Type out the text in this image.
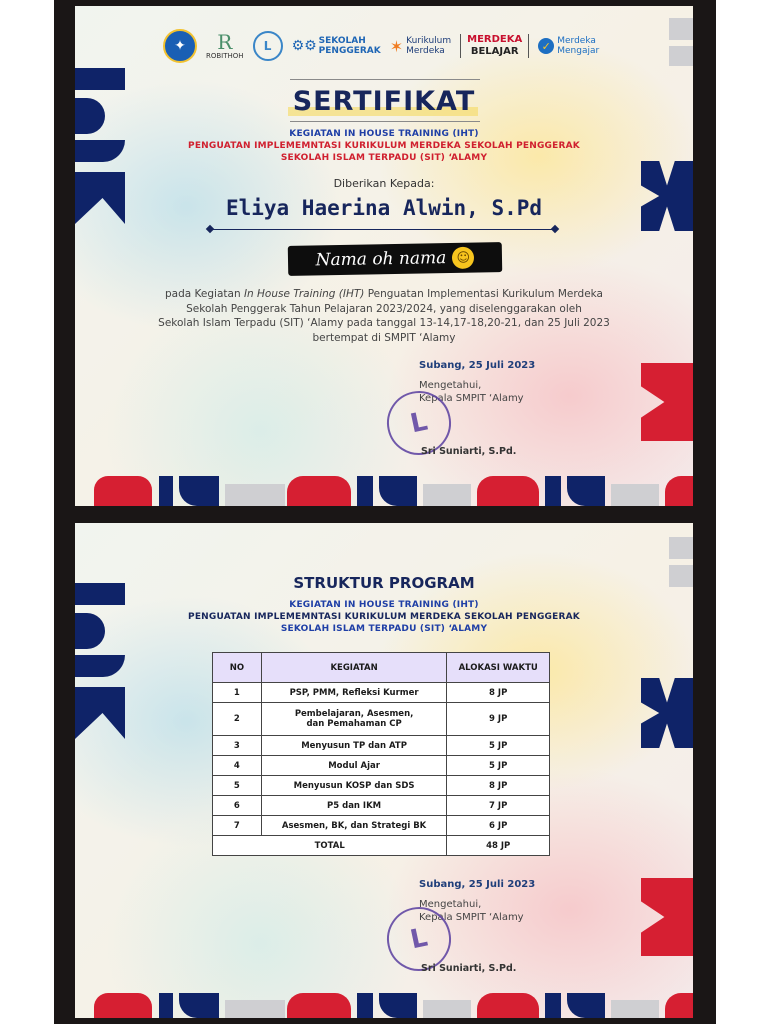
✦	R
ROBITHOH
L	⚙⚙ SEKOLAH
PENGGERAK ✶ Kurikulum
Merdeka
MERDEKA
BELAJAR	✓ Merdeka
Mengajar
SERTIFIKAT
KEGIATAN IN HOUSE TRAINING (IHT)
PENGUATAN IMPLEMEMNTASI KURIKULUM MERDEKA SEKOLAH PENGGERAK
SEKOLAH ISLAM TERPADU (SIT) ‘ALAMY
Diberikan Kepada:
Eliya Haerina Alwin, S.Pd
Nama oh nama ☺
pada Kegiatan In House Training (IHT) Penguatan Implementasi Kurikulum Merdeka
Sekolah Penggerak Tahun Pelajaran 2023/2024, yang diselenggarakan oleh
Sekolah Islam Terpadu (SIT) ‘Alamy pada tanggal 13-14,17-18,20-21, dan 25 Juli 2023
bertempat di SMPIT ‘Alamy
Subang, 25 Juli 2023
Mengetahui,
Kepala SMPIT ‘Alamy
L
Sri Suniarti, S.Pd.
STRUKTUR PROGRAM
KEGIATAN IN HOUSE TRAINING (IHT)
PENGUATAN IMPLEMEMNTASI KURIKULUM MERDEKA SEKOLAH PENGGERAK
SEKOLAH ISLAM TERPADU (SIT) ‘ALAMY
NO	KEGIATAN	ALOKASI WAKTU
1	PSP, PMM, Refleksi Kurmer	8 JP
2	Pembelajaran, Asesmen, dan Pemahaman CP	9 JP
3	Menyusun TP dan ATP	5 JP
4	Modul Ajar	5 JP
5	Menyusun KOSP dan SDS	8 JP
6	P5 dan IKM	7 JP
7	Asesmen, BK, dan Strategi BK	6 JP
TOTAL		48 JP
Subang, 25 Juli 2023
Mengetahui,
Kepala SMPIT ‘Alamy
L
Sri Suniarti, S.Pd.
